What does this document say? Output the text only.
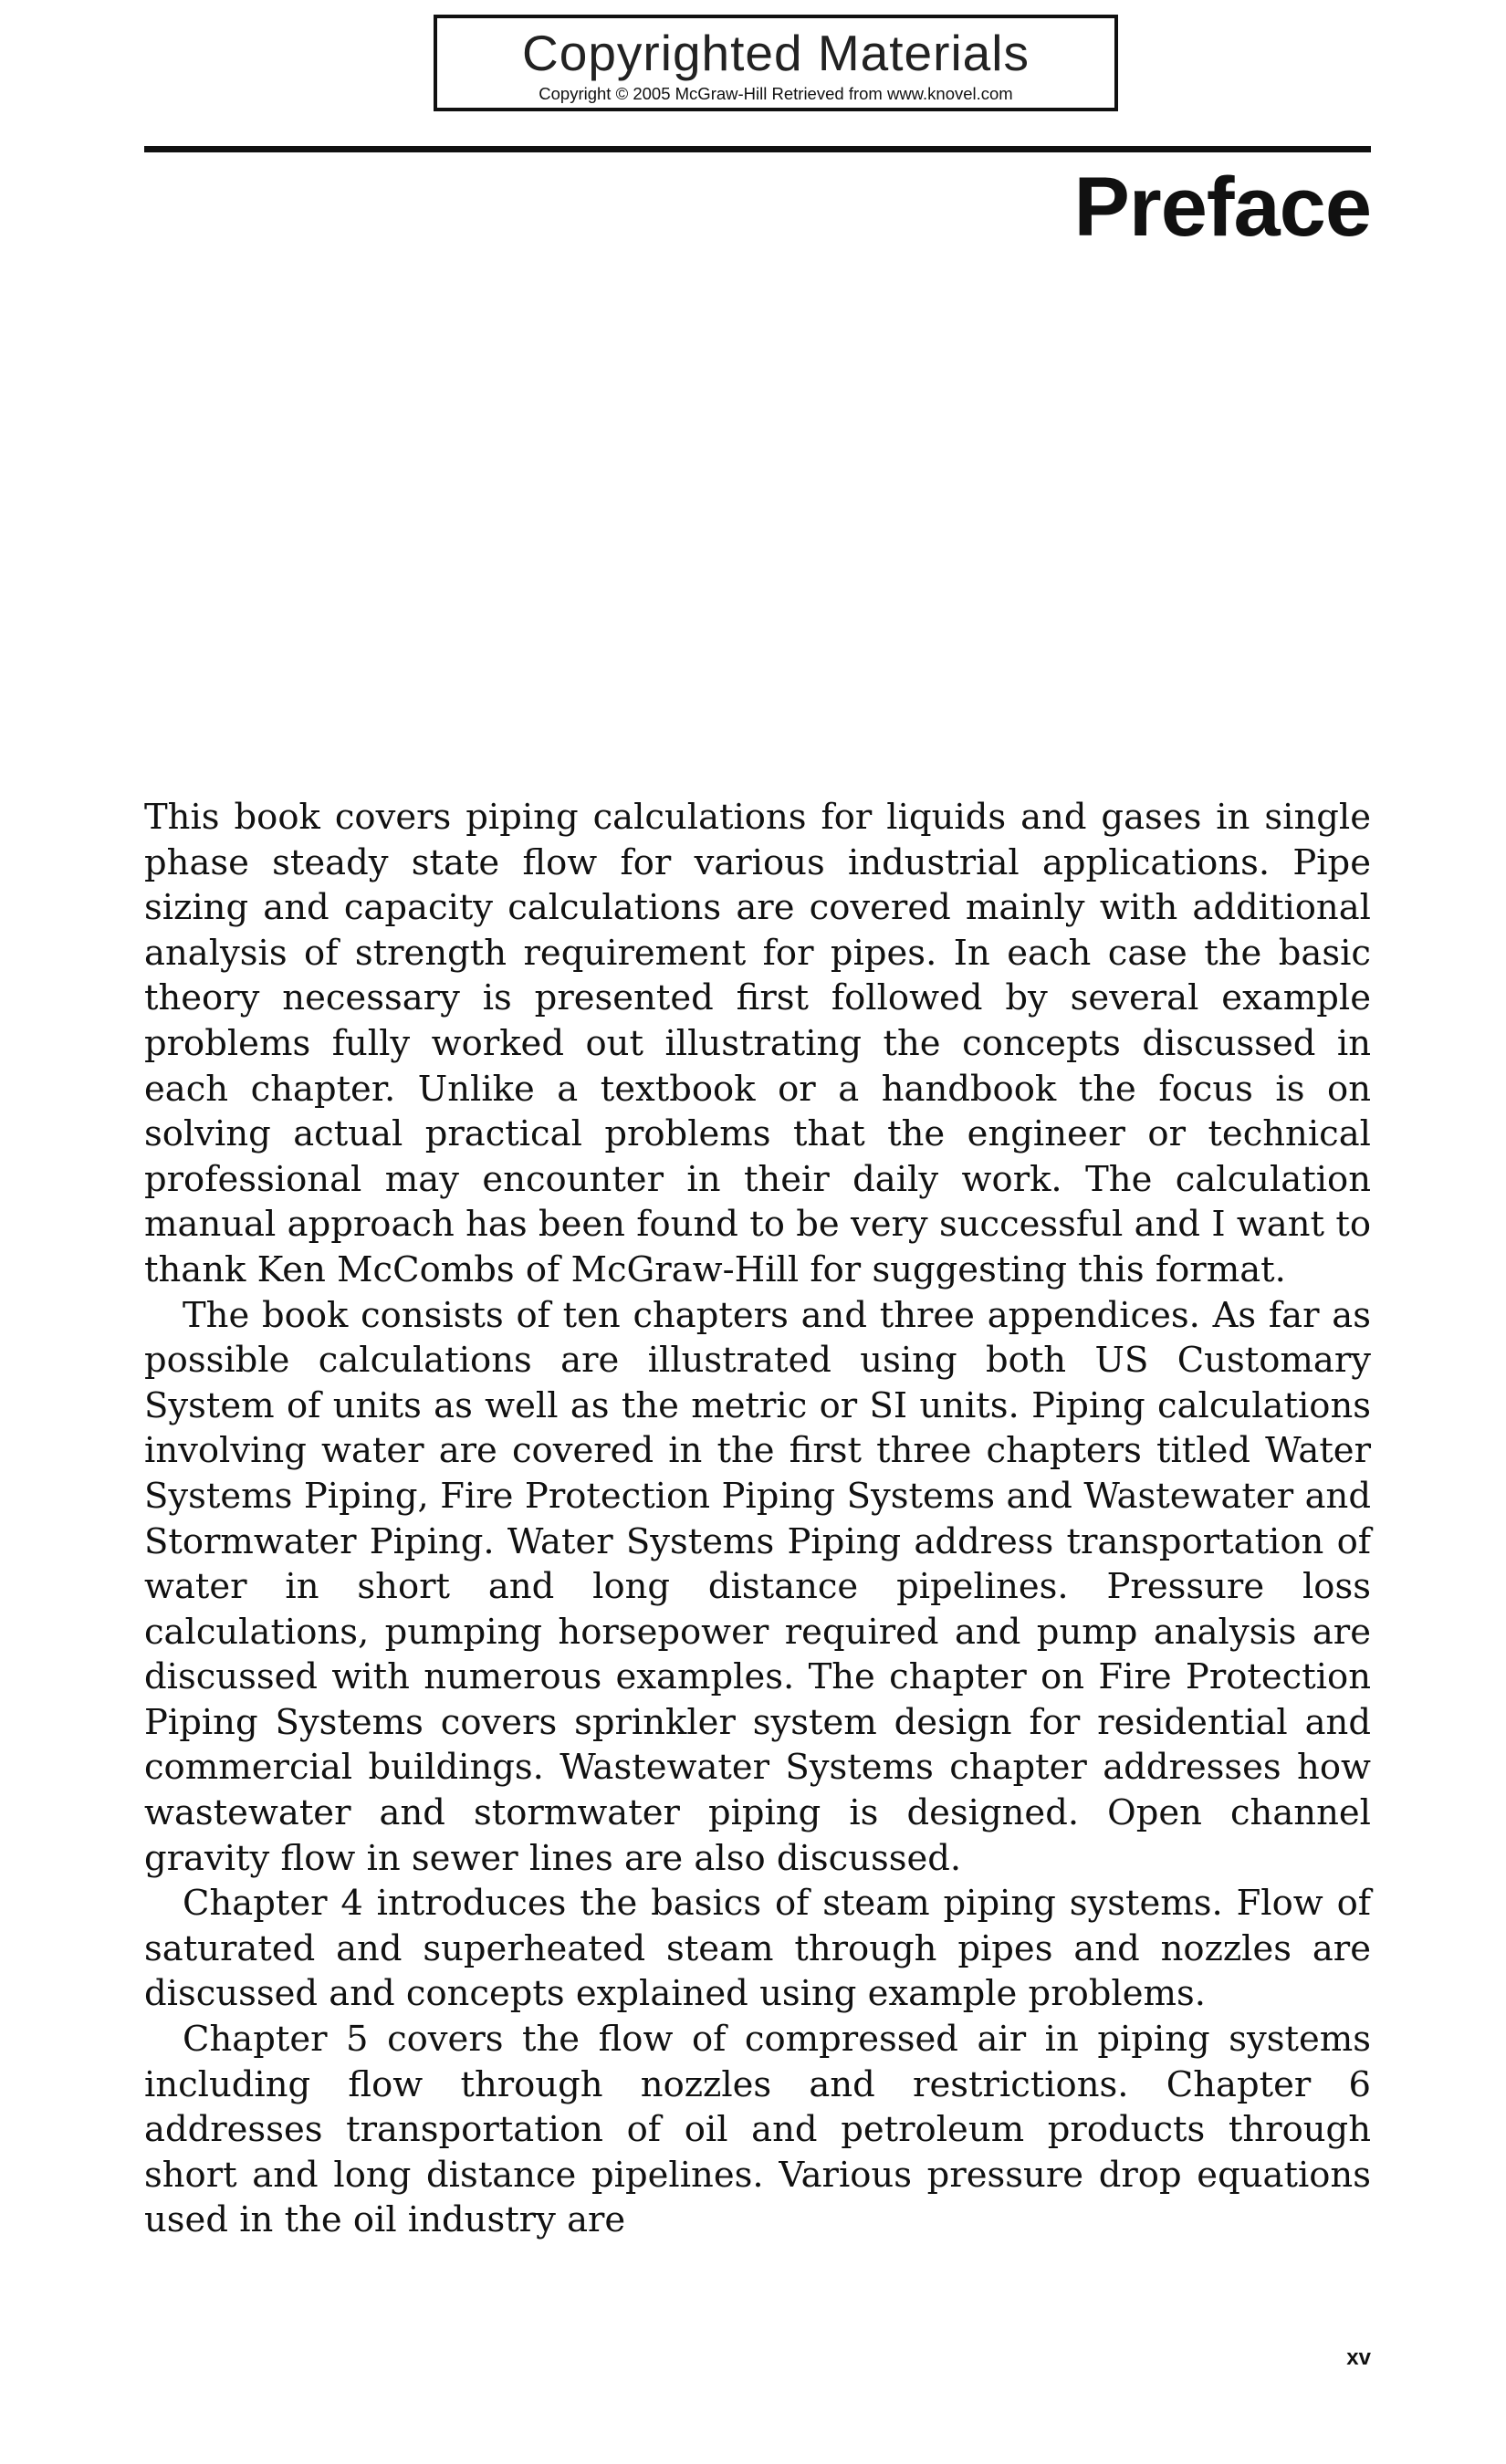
Copyrighted Materials
Copyright © 2005 McGraw-Hill Retrieved from www.knovel.com
Preface

This book covers piping calculations for liquids and gases in single phase steady state flow for various industrial applications. Pipe sizing and capacity calculations are covered mainly with additional analysis of strength requirement for pipes. In each case the basic theory necessary is presented first followed by several example problems fully worked out illustrating the concepts discussed in each chapter. Unlike a textbook or a handbook the focus is on solving actual practical problems that the engineer or technical professional may encounter in their daily work. The calculation manual approach has been found to be very successful and I want to thank Ken McCombs of McGraw-Hill for suggesting this format.

The book consists of ten chapters and three appendices. As far as possible calculations are illustrated using both US Customary System of units as well as the metric or SI units. Piping calculations involving water are covered in the first three chapters titled Water Systems Piping, Fire Protection Piping Systems and Wastewater and Stormwater Piping. Water Systems Piping address transportation of water in short and long distance pipelines. Pressure loss calculations, pumping horsepower required and pump analysis are discussed with numerous examples. The chapter on Fire Protection Piping Systems covers sprinkler system design for residential and commercial buildings. Wastewater Systems chapter addresses how wastewater and stormwater piping is designed. Open channel gravity flow in sewer lines are also discussed.

Chapter 4 introduces the basics of steam piping systems. Flow of saturated and superheated steam through pipes and nozzles are discussed and concepts explained using example problems.

Chapter 5 covers the flow of compressed air in piping systems including flow through nozzles and restrictions. Chapter 6 addresses transportation of oil and petroleum products through short and long distance pipelines. Various pressure drop equations used in the oil industry are

xv
